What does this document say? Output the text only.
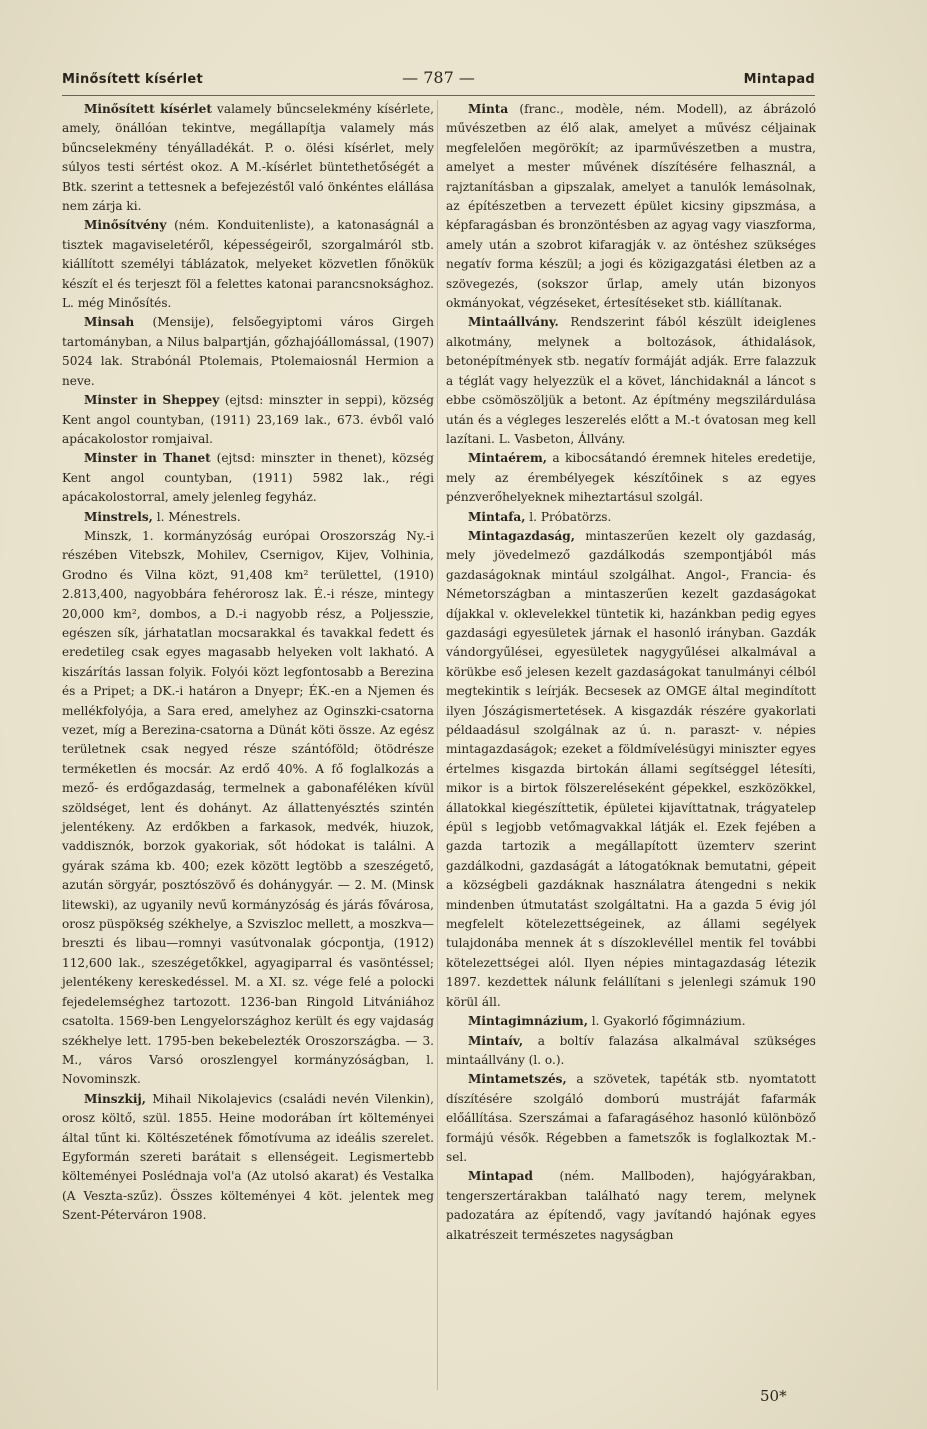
Minősített kísérlet	— 787 —	Mintapad

Minősített kísérlet valamely bűncselekmény kísérlete, amely, önállóan tekintve, megállapítja valamely más bűncselekmény tényálladékát. P. o. ölési kísérlet, mely súlyos testi sértést okoz. A M.-kísérlet büntethetőségét a Btk. szerint a tettesnek a befejezéstől való önkéntes elállása nem zárja ki.

Minősítvény (ném. Konduitenliste), a katonaságnál a tisztek magaviseletéről, képességeiről, szorgalmáról stb. kiállított személyi táblázatok, melyeket közvetlen főnökük készít el és terjeszt föl a felettes katonai parancsnoksághoz. L. még Minősítés.

Minsah (Mensije), felsőegyiptomi város Girgeh tartományban, a Nilus balpartján, gőzhajóállomással, (1907) 5024 lak. Strabónál Ptolemais, Ptolemaiosnál Hermion a neve.

Minster in Sheppey (ejtsd: minszter in seppi), község Kent angol countyban, (1911) 23,169 lak., 673. évből való apácakolostor romjaival.

Minster in Thanet (ejtsd: minszter in thenet), község Kent angol countyban, (1911) 5982 lak., régi apácakolostorral, amely jelenleg fegyház.

Minstrels, l. Ménestrels.

Minszk, 1. kormányzóság európai Oroszország Ny.-i részében Vitebszk, Mohilev, Csernigov, Kijev, Volhinia, Grodno és Vilna közt, 91,408 km² területtel, (1910) 2.813,400, nagyobbára fehérorosz lak. É.-i része, mintegy 20,000 km², dombos, a D.-i nagyobb rész, a Poljesszie, egészen sík, járhatatlan mocsarakkal és tavakkal fedett és eredetileg csak egyes magasabb helyeken volt lakható. A kiszárítás lassan folyik. Folyói közt legfontosabb a Berezina és a Pripet; a DK.-i határon a Dnyepr; ÉK.-en a Njemen és mellékfolyója, a Sara ered, amelyhez az Oginszki-csatorna vezet, míg a Berezina-csatorna a Dünát köti össze. Az egész területnek csak negyed része szántóföld; ötödrésze terméketlen és mocsár. Az erdő 40%. A fő foglalkozás a mező- és erdőgazdaság, termelnek a gabonaféléken kívül szöldséget, lent és dohányt. Az állattenyésztés szintén jelentékeny. Az erdőkben a farkasok, medvék, hiuzok, vaddisznók, borzok gyakoriak, sőt hódokat is találni. A gyárak száma kb. 400; ezek között legtöbb a szeszégető, azután sörgyár, posztószövő és dohánygyár. — 2. M. (Minsk litewski), az ugyanily nevű kormányzóság és járás fővárosa, orosz püspökség székhelye, a Szviszloc mellett, a moszkva—breszti és libau—romnyi vasútvonalak gócpontja, (1912) 112,600 lak., szeszégetőkkel, agyagiparral és vasöntéssel; jelentékeny kereskedéssel. M. a XI. sz. vége felé a polocki fejedelemséghez tartozott. 1236-ban Ringold Litvániához csatolta. 1569-ben Lengyelországhoz került és egy vajdaság székhelye lett. 1795-ben bekebelezték Oroszországba. — 3. M., város Varsó oroszlengyel kormányzóságban, l. Novominszk.

Minszkij, Mihail Nikolajevics (családi nevén Vilenkin), orosz költő, szül. 1855. Heine modorában írt költeményei által tűnt ki. Költészetének főmotívuma az ideális szerelet. Egyformán szereti barátait s ellenségeit. Legismertebb költeményei Poslédnaja vol'a (Az utolsó akarat) és Vestalka (A Veszta-szűz). Összes költeményei 4 köt. jelentek meg Szent-Péterváron 1908.

Minta (franc., modèle, ném. Modell), az ábrázoló művészetben az élő alak, amelyet a művész céljainak megfelelően megörökít; az iparművészetben a mustra, amelyet a mester művének díszítésére felhasznál, a rajztanításban a gipszalak, amelyet a tanulók lemásolnak, az építészetben a tervezett épület kicsiny gipszmása, a képfaragásban és bronzöntésben az agyag vagy viaszforma, amely után a szobrot kifaragják v. az öntéshez szükséges negatív forma készül; a jogi és közigazgatási életben az a szövegezés, (sokszor űrlap, amely után bizonyos okmányokat, végzéseket, értesítéseket stb. kiállítanak.

Mintaállvány. Rendszerint fából készült ideiglenes alkotmány, melynek a boltozások, áthidalások, betonépítmények stb. negatív formáját adják. Erre falazzuk a téglát vagy helyezzük el a követ, lánchidaknál a láncot s ebbe csömöszöljük a betont. Az építmény megszilárdulása után és a végleges leszerelés előtt a M.-t óvatosan meg kell lazítani. L. Vasbeton, Állvány.

Mintaérem, a kibocsátandó éremnek hiteles eredetije, mely az érembélyegek készítőinek s az egyes pénzverőhelyeknek miheztartásul szolgál.

Mintafa, l. Próbatörzs.

Mintagazdaság, mintaszerűen kezelt oly gazdaság, mely jövedelmező gazdálkodás szempontjából más gazdaságoknak mintául szolgálhat. Angol-, Francia- és Németországban a mintaszerűen kezelt gazdaságokat díjakkal v. oklevelekkel tüntetik ki, hazánkban pedig egyes gazdasági egyesületek járnak el hasonló irányban. Gazdák vándorgyűlései, egyesületek nagygyűlései alkalmával a körükbe eső jelesen kezelt gazdaságokat tanulmányi célból megtekintik s leírják. Becsesek az OMGE által megindított ilyen Jószágismertetések. A kisgazdák részére gyakorlati példaadásul szolgálnak az ú. n. paraszt- v. népies mintagazdaságok; ezeket a földmívelésügyi miniszter egyes értelmes kisgazda birtokán állami segítséggel létesíti, mikor is a birtok fölszereléseként gépekkel, eszközökkel, állatokkal kiegészíttetik, épületei kijavíttatnak, trágyatelep épül s legjobb vetőmagvakkal látják el. Ezek fejében a gazda tartozik a megállapított üzemterv szerint gazdálkodni, gazdaságát a látogatóknak bemutatni, gépeit a községbeli gazdáknak használatra átengedni s nekik mindenben útmutatást szolgáltatni. Ha a gazda 5 évig jól megfelelt kötelezettségeinek, az állami segélyek tulajdonába mennek át s díszoklevéllel mentik fel további kötelezettségei alól. Ilyen népies mintagazdaság létezik 1897. kezdettek nálunk felállítani s jelenlegi számuk 190 körül áll.

Mintagimnázium, l. Gyakorló főgimnázium.

Mintaív, a boltív falazása alkalmával szükséges mintaállvány (l. o.).

Mintametszés, a szövetek, tapéták stb. nyomtatott díszítésére szolgáló domború mustráját fafarmák előállítása. Szerszámai a fafaragáséhoz hasonló különböző formájú vésők. Régebben a fametszők is foglalkoztak M.-sel.

Mintapad (ném. Mallboden), hajógyárakban, tengerszertárakban található nagy terem, melynek padozatára az építendő, vagy javítandó hajónak egyes alkatrészeit természetes nagyságban

50*
